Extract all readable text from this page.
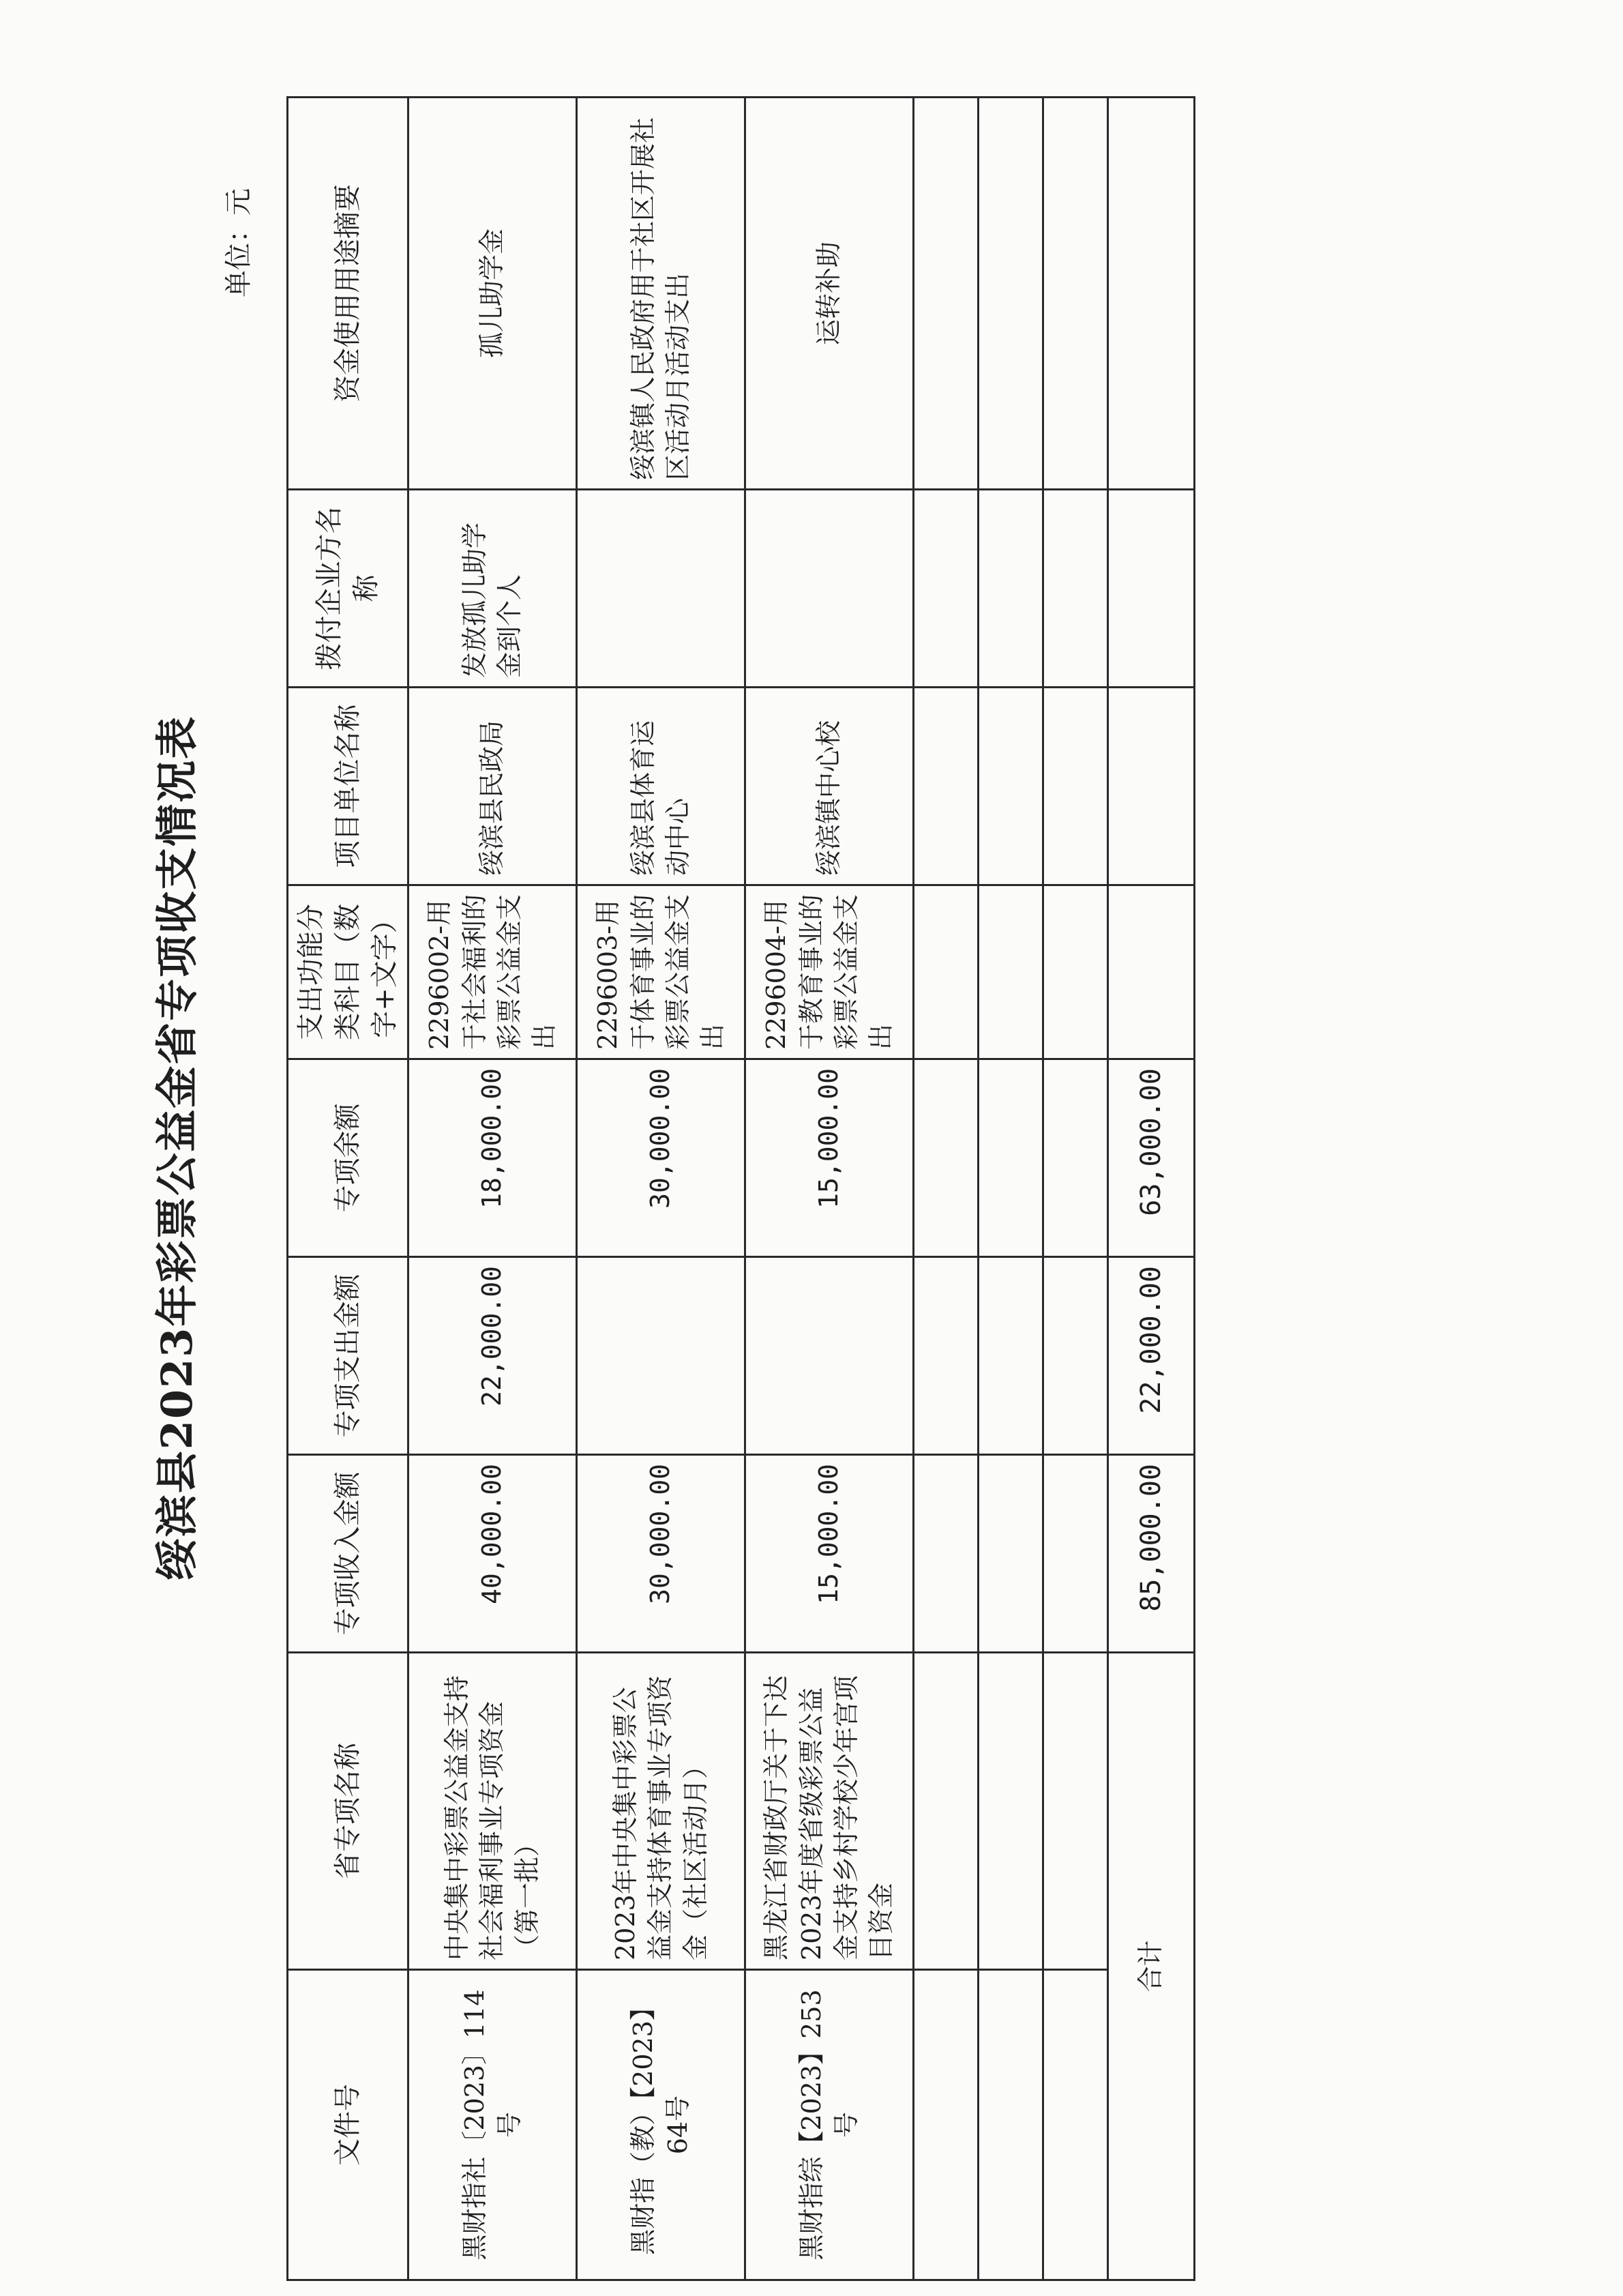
绥滨县2023年彩票公益金省专项收支情况表
单位：元
文件号	省专项名称	专项收入金额	专项支出金额	专项余额	支出功能分类科目（数字+文字）	项目单位名称	拨付企业方名称	资金使用用途摘要
黑财指社〔2023〕114号	中央集中彩票公益金支持社会福利事业专项资金（第一批）	40,000.00	22,000.00	18,000.00	2296002-用于社会福利的彩票公益金支出	绥滨县民政局	发放孤儿助学金到个人	孤儿助学金
黑财指（教）【2023】64号	2023年中央集中彩票公益金支持体育事业专项资金（社区活动月）	30,000.00		30,000.00	2296003-用于体育事业的彩票公益金支出	绥滨县体育运动中心		绥滨镇人民政府用于社区开展社区活动月活动支出
黑财指综【2023】253号	黑龙江省财政厅关于下达2023年度省级彩票公益金支持乡村学校少年宫项目资金	15,000.00		15,000.00	2296004-用于教育事业的彩票公益金支出	绥滨镇中心校		运转补助

合计		85,000.00	22,000.00	63,000.00				
